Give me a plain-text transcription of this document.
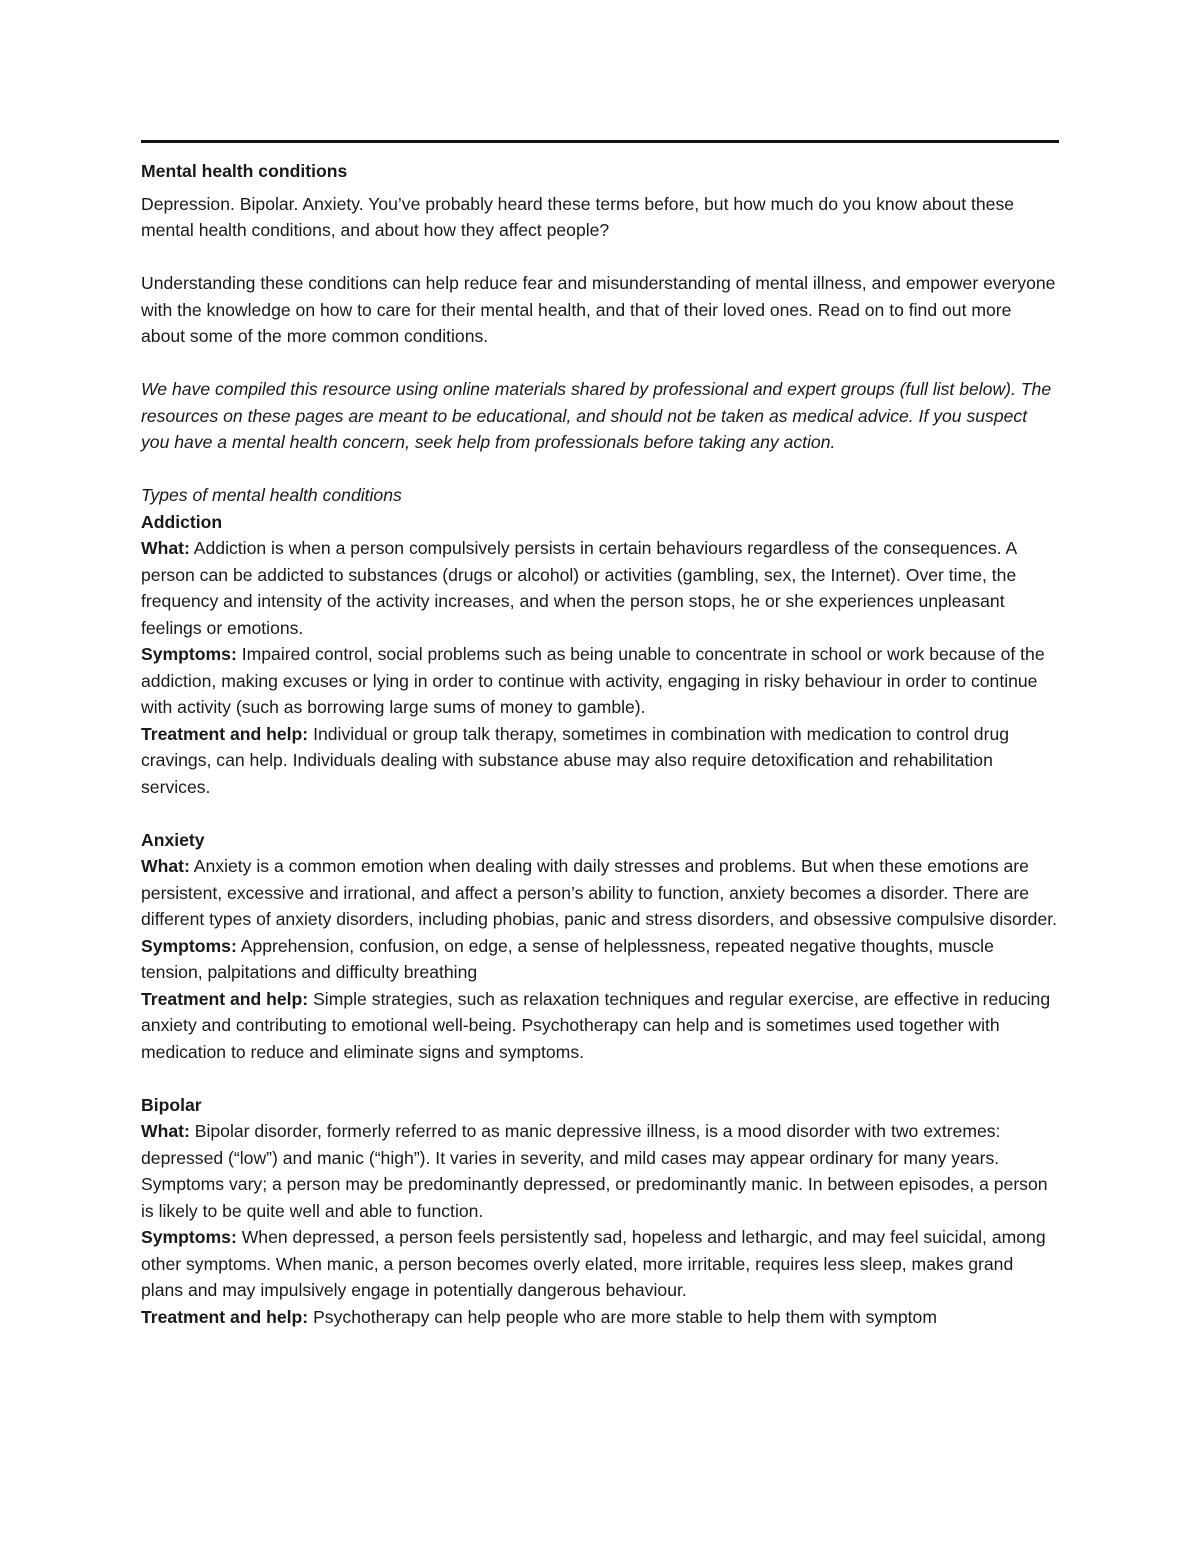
Mental health conditions

Depression. Bipolar. Anxiety. You’ve probably heard these terms before, but how much do you know about these mental health conditions, and about how they affect people?

Understanding these conditions can help reduce fear and misunderstanding of mental illness, and empower everyone with the knowledge on how to care for their mental health, and that of their loved ones. Read on to find out more about some of the more common conditions.

We have compiled this resource using online materials shared by professional and expert groups (full list below). The resources on these pages are meant to be educational, and should not be taken as medical advice. If you suspect you have a mental health concern, seek help from professionals before taking any action.

Types of mental health conditions

Addiction

What: Addiction is when a person compulsively persists in certain behaviours regardless of the consequences. A person can be addicted to substances (drugs or alcohol) or activities (gambling, sex, the Internet). Over time, the frequency and intensity of the activity increases, and when the person stops, he or she experiences unpleasant feelings or emotions.

Symptoms: Impaired control, social problems such as being unable to concentrate in school or work because of the addiction, making excuses or lying in order to continue with activity, engaging in risky behaviour in order to continue with activity (such as borrowing large sums of money to gamble).

Treatment and help: Individual or group talk therapy, sometimes in combination with medication to control drug cravings, can help. Individuals dealing with substance abuse may also require detoxification and rehabilitation services.

Anxiety

What: Anxiety is a common emotion when dealing with daily stresses and problems. But when these emotions are persistent, excessive and irrational, and affect a person’s ability to function, anxiety becomes a disorder. There are different types of anxiety disorders, including phobias, panic and stress disorders, and obsessive compulsive disorder.

Symptoms: Apprehension, confusion, on edge, a sense of helplessness, repeated negative thoughts, muscle tension, palpitations and difficulty breathing

Treatment and help: Simple strategies, such as relaxation techniques and regular exercise, are effective in reducing anxiety and contributing to emotional well-being. Psychotherapy can help and is sometimes used together with medication to reduce and eliminate signs and symptoms.

Bipolar

What: Bipolar disorder, formerly referred to as manic depressive illness, is a mood disorder with two extremes: depressed (“low”) and manic (“high”). It varies in severity, and mild cases may appear ordinary for many years. Symptoms vary; a person may be predominantly depressed, or predominantly manic. In between episodes, a person is likely to be quite well and able to function.

Symptoms: When depressed, a person feels persistently sad, hopeless and lethargic, and may feel suicidal, among other symptoms. When manic, a person becomes overly elated, more irritable, requires less sleep, makes grand plans and may impulsively engage in potentially dangerous behaviour.

Treatment and help: Psychotherapy can help people who are more stable to help them with symptom
